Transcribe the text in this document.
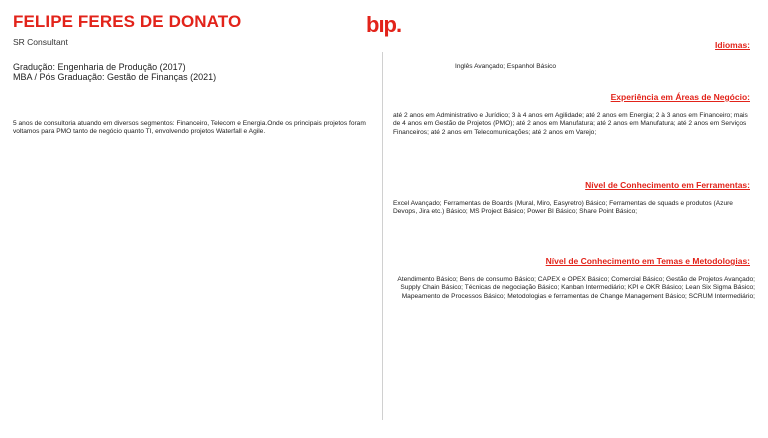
FELIPE FERES DE DONATO
SR Consultant
Gradução: Engenharia de Produção (2017)
MBA / Pós Graduação: Gestão de Finanças (2021)
5 anos de consultoria atuando em diversos segmentos: Financeiro, Telecom e Energia.Onde os principais projetos foram voltamos para PMO tanto de negócio quanto TI, envolvendo projetos Waterfall e Agile.
bıp.
Idiomas:
Inglês Avançado; Espanhol Básico
Experiência em Áreas de Negócio:
até 2 anos em Administrativo e Jurídico; 3 à 4 anos em Agilidade; até 2 anos em Energia; 2 à 3 anos em Financeiro; mais de 4 anos em Gestão de Projetos (PMO); até 2 anos em Manufatura; até 2 anos em Manufatura; até 2 anos em Serviços Financeiros; até 2 anos em Telecomunicações; até 2 anos em Varejo;
Nível de Conhecimento em Ferramentas:
Excel Avançado; Ferramentas de Boards (Mural, Miro, Easyretro) Básico; Ferramentas de squads e produtos (Azure Devops, Jira etc.) Básico; MS Project Básico; Power BI Básico; Share Point Básico;
Nível de Conhecimento em Temas e Metodologias:
Atendimento Básico; Bens de consumo Básico; CAPEX e OPEX Básico; Comercial Básico; Gestão de Projetos Avançado; Supply Chain Básico; Técnicas de negociação Básico; Kanban Intermediário; KPI e OKR Básico; Lean Six Sigma Básico; Mapeamento de Processos Básico; Metodologias e ferramentas de Change Management Básico; SCRUM Intermediário;
